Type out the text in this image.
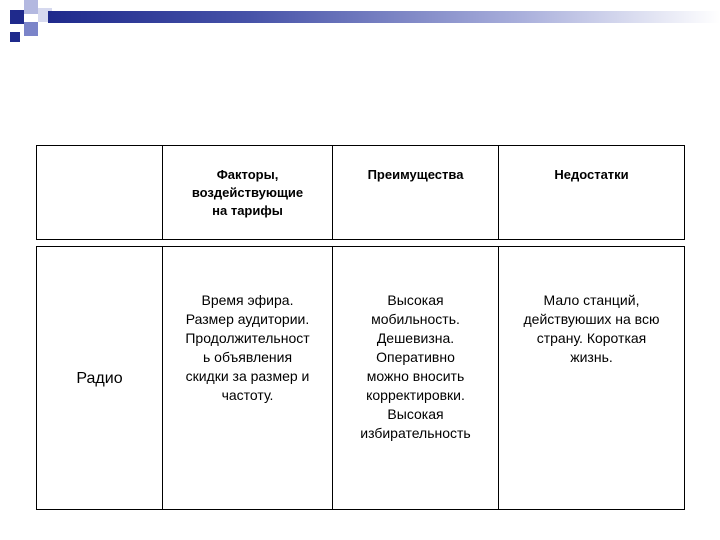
	Факторы, воздействующие на тарифы	Преимущества	Недостатки
Радио	Время эфира. Размер аудитории. Продолжительность объявления скидки за размер и частоту.	Высокая мобильность. Дешевизна. Оперативно можно вносить корректировки. Высокая избирательность	Мало станций, действуюших на всю страну. Короткая жизнь.
